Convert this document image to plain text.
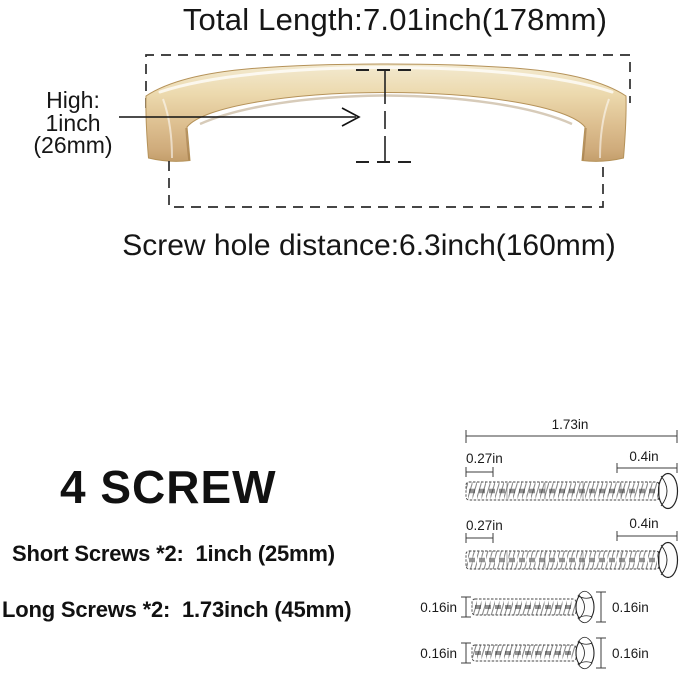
Total Length:7.01inch(178mm)
High:
1inch
(26mm)
Screw hole distance:6.3inch(160mm)
4 SCREW
Short Screws *2:  1inch (25mm)
Long Screws *2:  1.73inch (45mm)
1.73in
0.27in	0.4in
0.27in	0.4in
0.16in	0.16in
0.16in	0.16in
